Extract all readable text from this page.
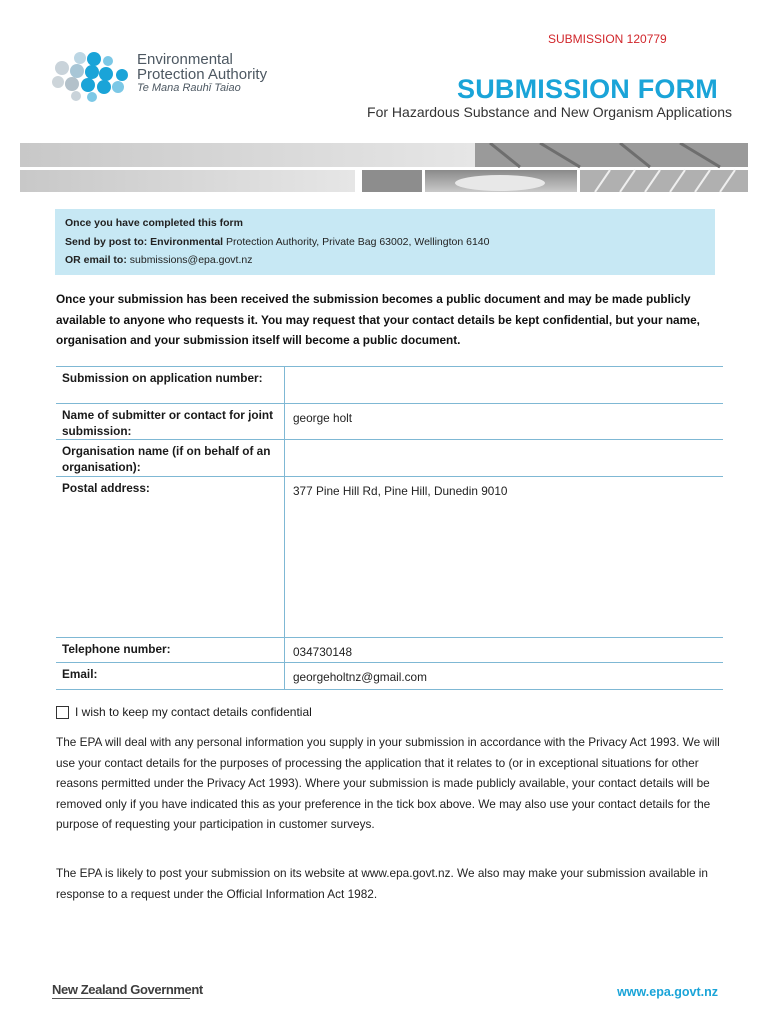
SUBMISSION 120779
Environmental
Protection Authority
Te Mana Rauhī Taiao	SUBMISSION FORM
For Hazardous Substance and New Organism Applications
Once you have completed this form
Send by post to: Environmental Protection Authority, Private Bag 63002, Wellington 6140
OR email to: submissions@epa.govt.nz
Once your submission has been received the submission becomes a public document and may be made publicly available to anyone who requests it. You may request that your contact details be kept confidential, but your name, organisation and your submission itself will become a public document.
Submission on application number:	
Name of submitter or contact for joint submission:	george holt
Organisation name (if on behalf of an organisation):	
Postal address:	377 Pine Hill Rd, Pine Hill, Dunedin 9010
Telephone number:	034730148
Email:	georgeholtnz@gmail.com
I wish to keep my contact details confidential
The EPA will deal with any personal information you supply in your submission in accordance with the Privacy Act 1993. We will use your contact details for the purposes of processing the application that it relates to (or in exceptional situations for other reasons permitted under the Privacy Act 1993). Where your submission is made publicly available, your contact details will be removed only if you have indicated this as your preference in the tick box above. We may also use your contact details for the purpose of requesting your participation in customer surveys.
The EPA is likely to post your submission on its website at www.epa.govt.nz. We also may make your submission available in response to a request under the Official Information Act 1982.
New Zealand Government	www.epa.govt.nz
